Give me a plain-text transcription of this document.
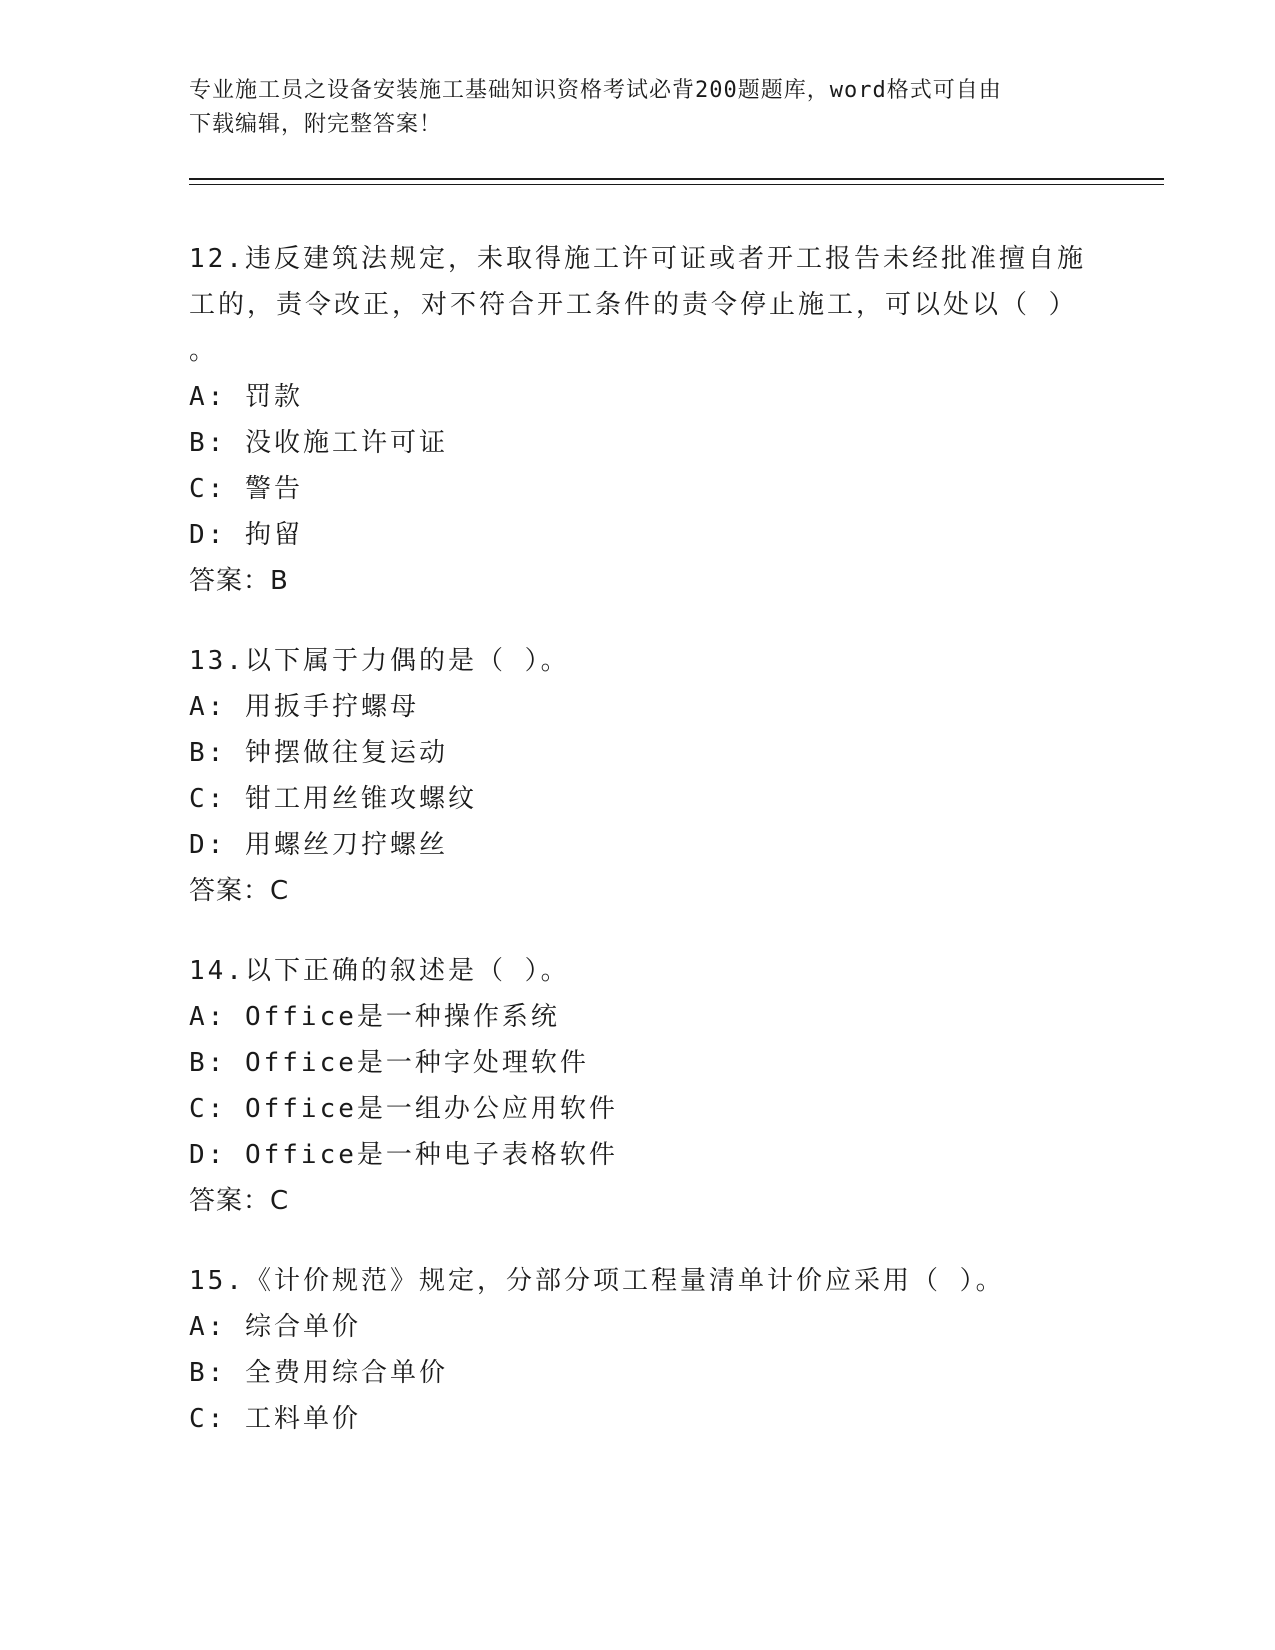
专业施工员之设备安装施工基础知识资格考试必背200题题库，word格式可自由
下载编辑，附完整答案！
12.违反建筑法规定，未取得施工许可证或者开工报告未经批准擅自施
工的，责令改正，对不符合开工条件的责令停止施工，可以处以（ ）
。
A: 罚款
B: 没收施工许可证
C: 警告
D: 拘留
答案：B
13.以下属于力偶的是（ ）。
A: 用扳手拧螺母
B: 钟摆做往复运动
C: 钳工用丝锥攻螺纹
D: 用螺丝刀拧螺丝
答案：C
14.以下正确的叙述是（ ）。
A: Office是一种操作系统
B: Office是一种字处理软件
C: Office是一组办公应用软件
D: Office是一种电子表格软件
答案：C
15.《计价规范》规定，分部分项工程量清单计价应采用（ ）。
A: 综合单价
B: 全费用综合单价
C: 工料单价
